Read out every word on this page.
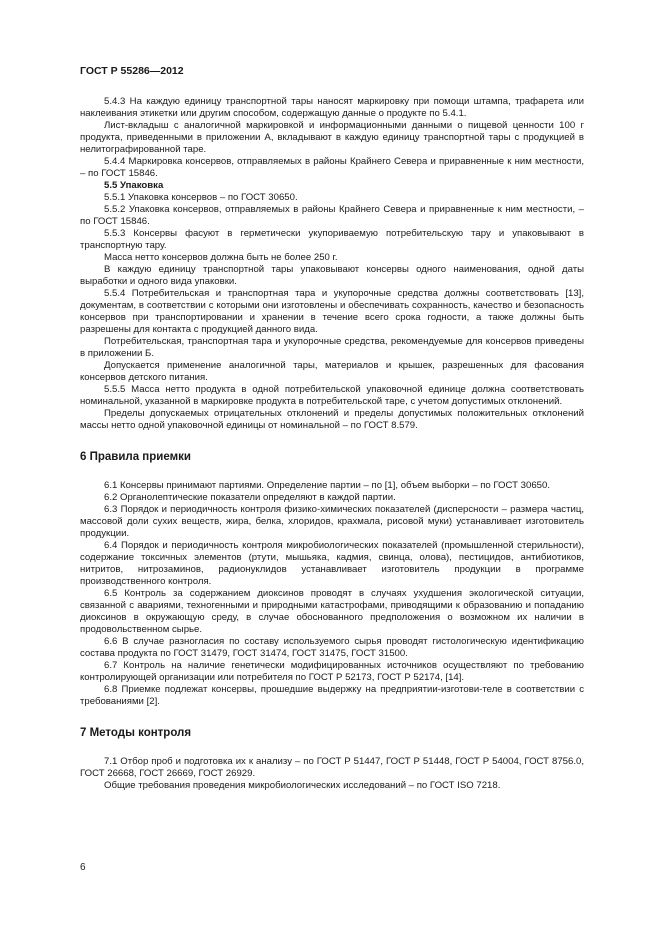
ГОСТ Р 55286—2012

5.4.3 На каждую единицу транспортной тары наносят маркировку при помощи штампа, трафарета или наклеивания этикетки или другим способом, содержащую данные о продукте по 5.4.1.

Лист-вкладыш с аналогичной маркировкой и информационными данными о пищевой ценности 100 г продукта, приведенными в приложении А, вкладывают в каждую единицу транспортной тары с продукцией в нелитографированной таре.

5.4.4 Маркировка консервов, отправляемых в районы Крайнего Севера и приравненные к ним местности, – по ГОСТ 15846.

5.5 Упаковка

5.5.1 Упаковка консервов – по ГОСТ 30650.

5.5.2 Упаковка консервов, отправляемых в районы Крайнего Севера и приравненные к ним местности, – по ГОСТ 15846.

5.5.3 Консервы фасуют в герметически укупориваемую потребительскую тару и упаковывают в транспортную тару.

Масса нетто консервов должна быть не более 250 г.

В каждую единицу транспортной тары упаковывают консервы одного наименования, одной даты выработки и одного вида упаковки.

5.5.4 Потребительская и транспортная тара и укупорочные средства должны соответствовать [13], документам, в соответствии с которыми они изготовлены и обеспечивать сохранность, качество и безопасность консервов при транспортировании и хранении в течение всего срока годности, а также должны быть разрешены для контакта с продукцией данного вида.

Потребительская, транспортная тара и укупорочные средства, рекомендуемые для консервов приведены в приложении Б.

Допускается применение аналогичной тары, материалов и крышек, разрешенных для фасования консервов детского питания.

5.5.5 Масса нетто продукта в одной потребительской упаковочной единице должна соответствовать номинальной, указанной в маркировке продукта в потребительской таре, с учетом допустимых отклонений.

Пределы допускаемых отрицательных отклонений и пределы допустимых положительных отклонений массы нетто одной упаковочной единицы от номинальной – по ГОСТ 8.579.

6 Правила приемки

6.1 Консервы принимают партиями. Определение партии – по [1], объем выборки – по ГОСТ 30650.

6.2 Органолептические показатели определяют в каждой партии.

6.3 Порядок и периодичность контроля физико-химических показателей (дисперсности – размера частиц, массовой доли сухих веществ, жира, белка, хлоридов, крахмала, рисовой муки) устанавливает изготовитель продукции.

6.4 Порядок и периодичность контроля микробиологических показателей (промышленной стерильности), содержание токсичных элементов (ртути, мышьяка, кадмия, свинца, олова), пестицидов, антибиотиков, нитритов, нитрозаминов, радионуклидов устанавливает изготовитель продукции в программе производственного контроля.

6.5 Контроль за содержанием диоксинов проводят в случаях ухудшения экологической ситуации, связанной с авариями, техногенными и природными катастрофами, приводящими к образованию и попаданию диоксинов в окружающую среду, в случае обоснованного предположения о возможном их наличии в продовольственном сырье.

6.6 В случае разногласия по составу используемого сырья проводят гистологическую идентификацию состава продукта по ГОСТ 31479, ГОСТ 31474, ГОСТ 31475, ГОСТ 31500.

6.7 Контроль на наличие генетически модифицированных источников осуществляют по требованию контролирующей организации или потребителя по ГОСТ Р 52173, ГОСТ Р 52174, [14].

6.8 Приемке подлежат консервы, прошедшие выдержку на предприятии-изготови-теле в соответствии с требованиями [2].

7 Методы контроля

7.1 Отбор проб и подготовка их к анализу – по ГОСТ Р 51447, ГОСТ Р 51448, ГОСТ Р 54004, ГОСТ 8756.0, ГОСТ 26668, ГОСТ 26669, ГОСТ 26929.

Общие требования проведения микробиологических исследований – по ГОСТ ISO 7218.

6
